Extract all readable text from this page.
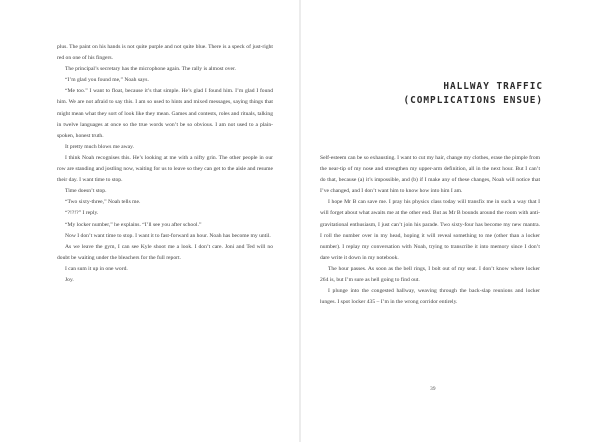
plus. The paint on his hands is not quite purple and not quite blue. There is a speck of just-right red on one of his fingers.

The principal’s secretary has the microphone again. The rally is almost over.

“I’m glad you found me,” Noah says.

“Me too.” I want to float, because it’s that simple. He’s glad I found him. I’m glad I found him. We are not afraid to say this. I am so used to hints and mixed messages, saying things that might mean what they sort of look like they mean. Games and contests, roles and rituals, talking in twelve languages at once so the true words won’t be so obvious. I am not used to a plain-spoken, honest truth.

It pretty much blows me away.

I think Noah recognises this. He’s looking at me with a nifty grin. The other people in our row are standing and jostling now, waiting for us to leave so they can get to the aisle and resume their day. I want time to stop.

Time doesn’t stop.

“Two sixty-three,” Noah tells me.

“?!?!?” I reply.

“My locker number,” he explains. “I’ll see you after school.”

Now I don’t want time to stop. I want it to fast-forward an hour. Noah has become my until.

As we leave the gym, I can see Kyle shoot me a look. I don’t care. Joni and Ted will no doubt be waiting under the bleachers for the full report.

I can sum it up in one word.

Joy.

HALLWAY TRAFFIC
(COMPLICATIONS ENSUE)

Self-esteem can be so exhausting. I want to cut my hair, change my clothes, erase the pimple from the near-tip of my nose and strengthen my upper-arm definition, all in the next hour. But I can’t do that, because (a) it’s impossible, and (b) if I make any of these changes, Noah will notice that I’ve changed, and I don’t want him to know how into him I am.

I hope Mr B can save me. I pray his physics class today will transfix me in such a way that I will forget about what awaits me at the other end. But as Mr B bounds around the room with anti-gravitational enthusiasm, I just can’t join his parade. Two sixty-four has become my new mantra. I roll the number over in my head, hoping it will reveal something to me (other than a locker number). I replay my conversation with Noah, trying to transcribe it into memory since I don’t dare write it down in my notebook.

The hour passes. As soon as the bell rings, I bolt out of my seat. I don’t know where locker 264 is, but I’m sure as hell going to find out.

I plunge into the congested hallway, weaving through the back-slap reunions and locker lunges. I spot locker 435 – I’m in the wrong corridor entirely.

39
